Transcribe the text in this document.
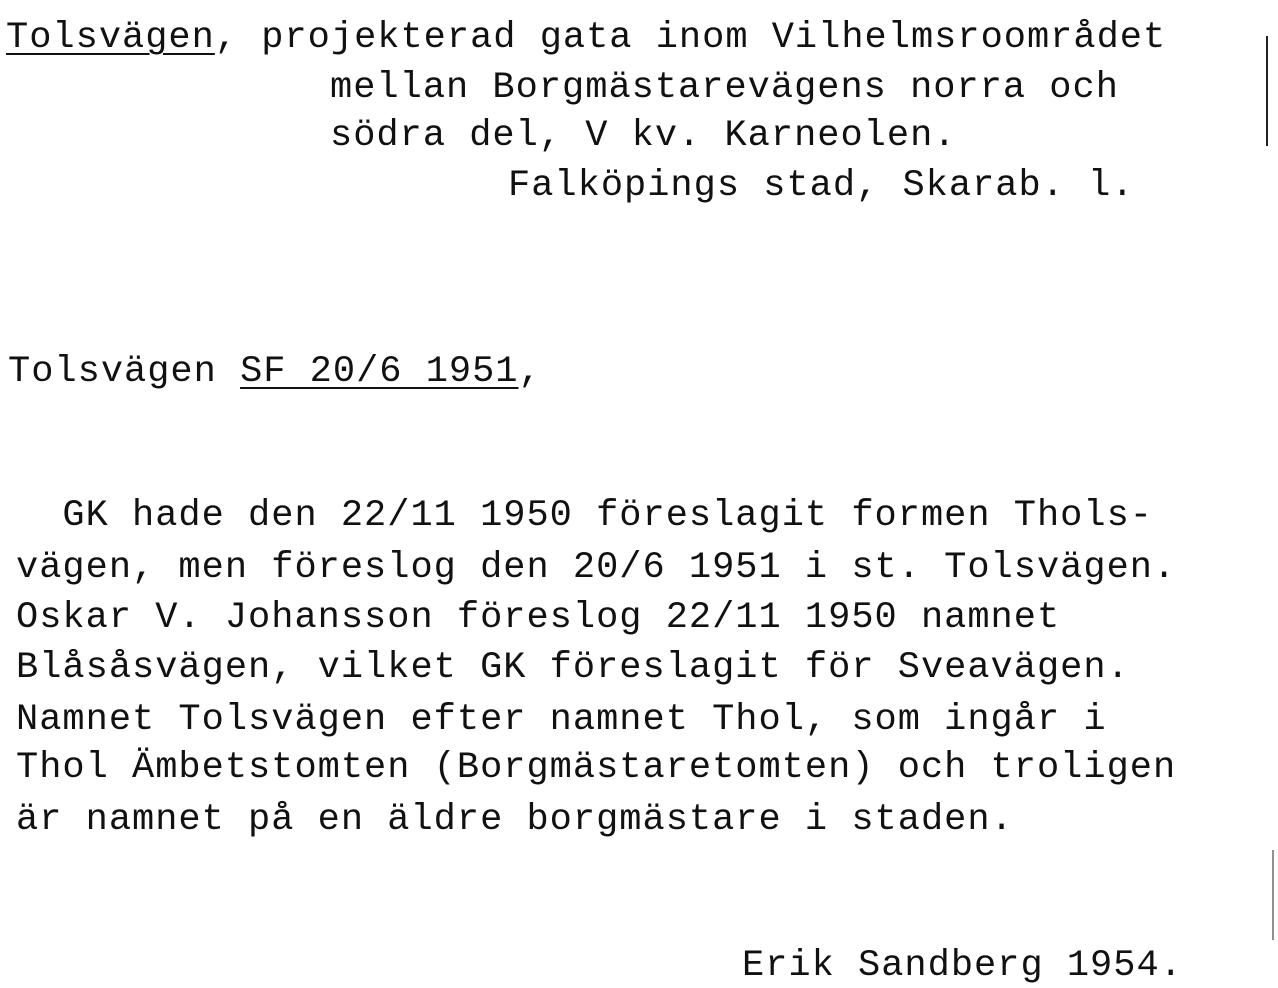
Tolsvägen, projekterad gata inom Vilhelmsroområdet
mellan Borgmästarevägens norra och
södra del, V kv. Karneolen.
Falköpings stad, Skarab. l.
Tolsvägen SF 20/6 1951,
GK hade den 22/11 1950 föreslagit formen Thols-
vägen, men föreslog den 20/6 1951 i st. Tolsvägen.
Oskar V. Johansson föreslog 22/11 1950 namnet
Blåsåsvägen, vilket GK föreslagit för Sveavägen.
Namnet Tolsvägen efter namnet Thol, som ingår i
Thol Ämbetstomten (Borgmästaretomten) och troligen
är namnet på en äldre borgmästare i staden.
Erik Sandberg 1954.
